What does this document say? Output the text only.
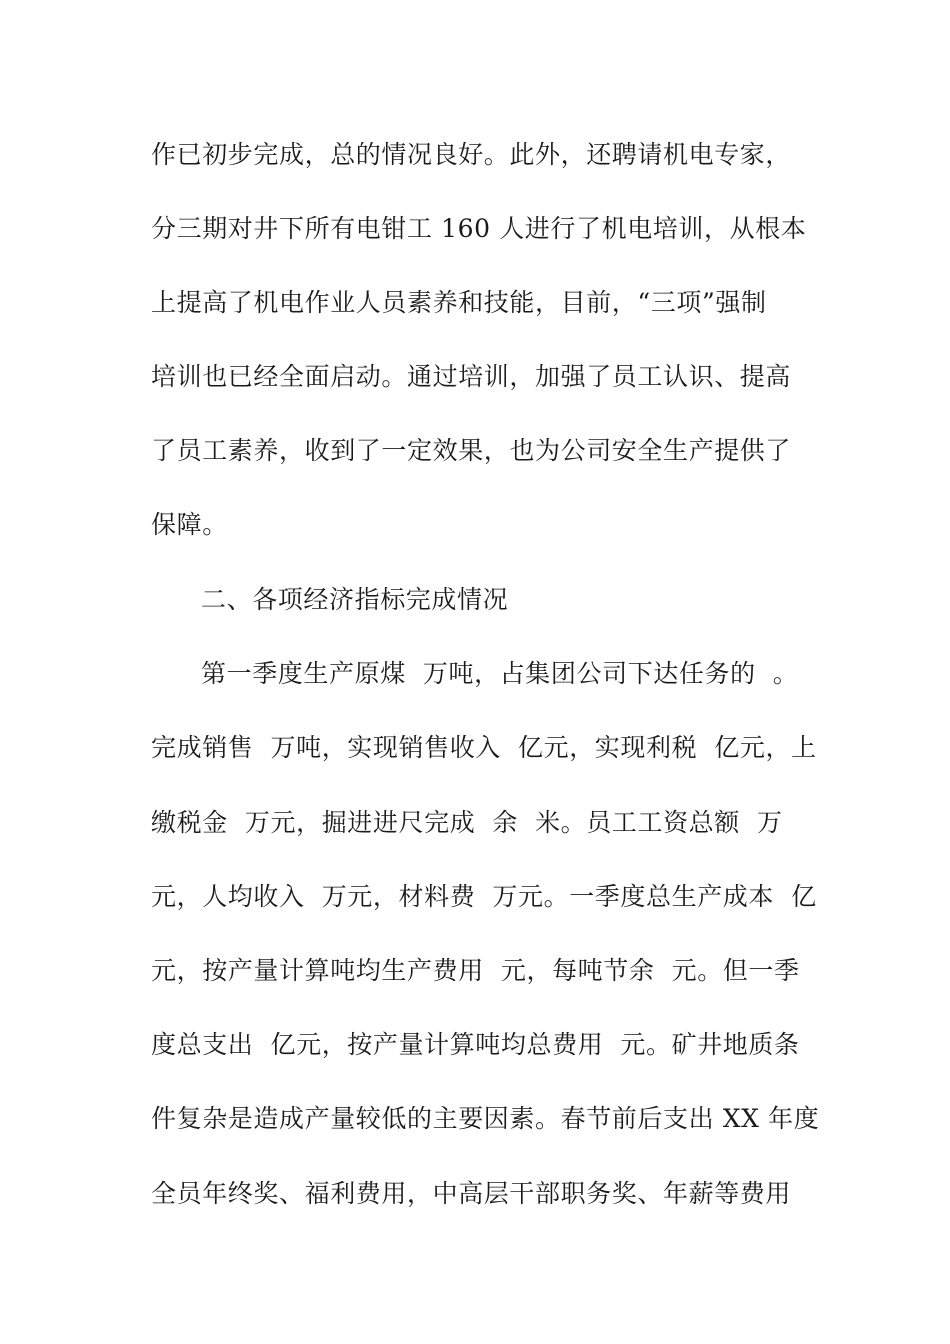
作已初步完成，总的情况良好。此外，还聘请机电专家，
分三期对井下所有电钳工 160 人进行了机电培训，从根本
上提高了机电作业人员素养和技能，目前，“三项”强制
培训也已经全面启动。通过培训，加强了员工认识、提高
了员工素养，收到了一定效果，也为公司安全生产提供了
保障。
二、各项经济指标完成情况
第一季度生产原煤  万吨，占集团公司下达任务的  。
完成销售  万吨，实现销售收入  亿元，实现利税  亿元，上
缴税金  万元，掘进进尺完成  余  米。员工工资总额  万
元，人均收入  万元，材料费  万元。一季度总生产成本  亿
元，按产量计算吨均生产费用  元，每吨节余  元。但一季
度总支出  亿元，按产量计算吨均总费用  元。矿井地质条
件复杂是造成产量较低的主要因素。春节前后支出 XX 年度
全员年终奖、福利费用，中高层干部职务奖、年薪等费用
